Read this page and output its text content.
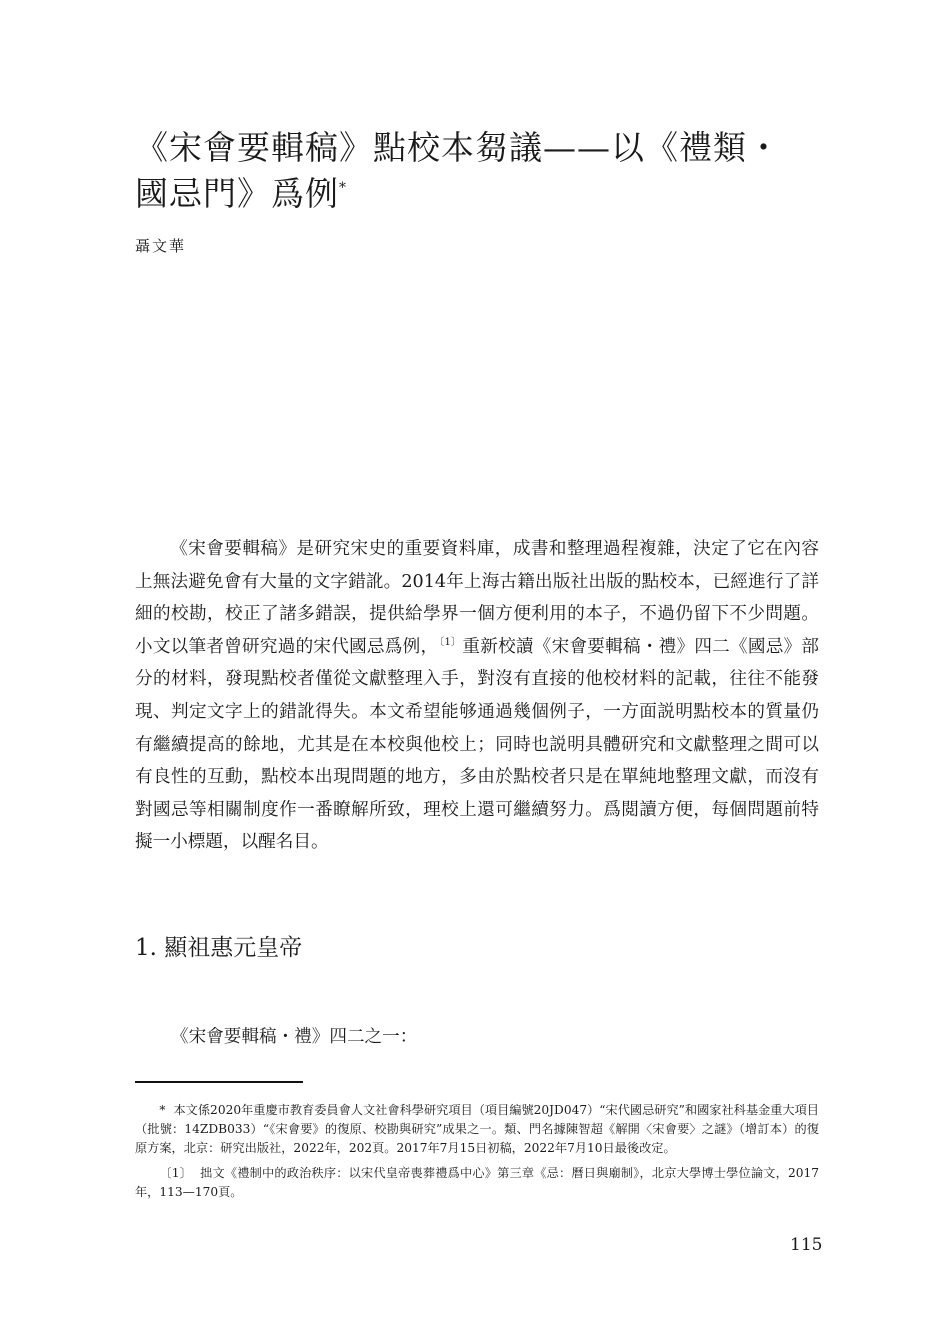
《宋會要輯稿》點校本芻議——以《禮類・
國忌門》爲例*
聶文華

《宋會要輯稿》是研究宋史的重要資料庫，成書和整理過程複雜，決定了它在內容上無法避免會有大量的文字錯訛。2014年上海古籍出版社出版的點校本，已經進行了詳細的校勘，校正了諸多錯誤，提供給學界一個方便利用的本子，不過仍留下不少問題。小文以筆者曾研究過的宋代國忌爲例，$^{〔1〕}$重新校讀《宋會要輯稿・禮》四二《國忌》部分的材料，發現點校者僅從文獻整理入手，對沒有直接的他校材料的記載，往往不能發現、判定文字上的錯訛得失。本文希望能够通過幾個例子，一方面説明點校本的質量仍有繼續提高的餘地，尤其是在本校與他校上；同時也説明具體研究和文獻整理之間可以有良性的互動，點校本出現問題的地方，多由於點校者只是在單純地整理文獻，而沒有對國忌等相關制度作一番瞭解所致，理校上還可繼續努力。爲閲讀方便，每個問題前特擬一小標題，以醒名目。

1. 顯祖惠元皇帝
《宋會要輯稿・禮》四二之一：

* 本文係2020年重慶市教育委員會人文社會科學研究項目（項目編號20JD047）“宋代國忌研究”和國家社科基金重大項目（批號：14ZDB033）“《宋會要》的復原、校勘與研究”成果之一。類、門名據陳智超《解開〈宋會要〉之謎》（增訂本）的復原方案，北京：研究出版社，2022年，202頁。2017年7月15日初稿，2022年7月10日最後改定。

〔1〕 拙文《禮制中的政治秩序：以宋代皇帝喪葬禮爲中心》第三章《忌：曆日與廟制》，北京大學博士學位論文，2017年，113—170頁。

115
